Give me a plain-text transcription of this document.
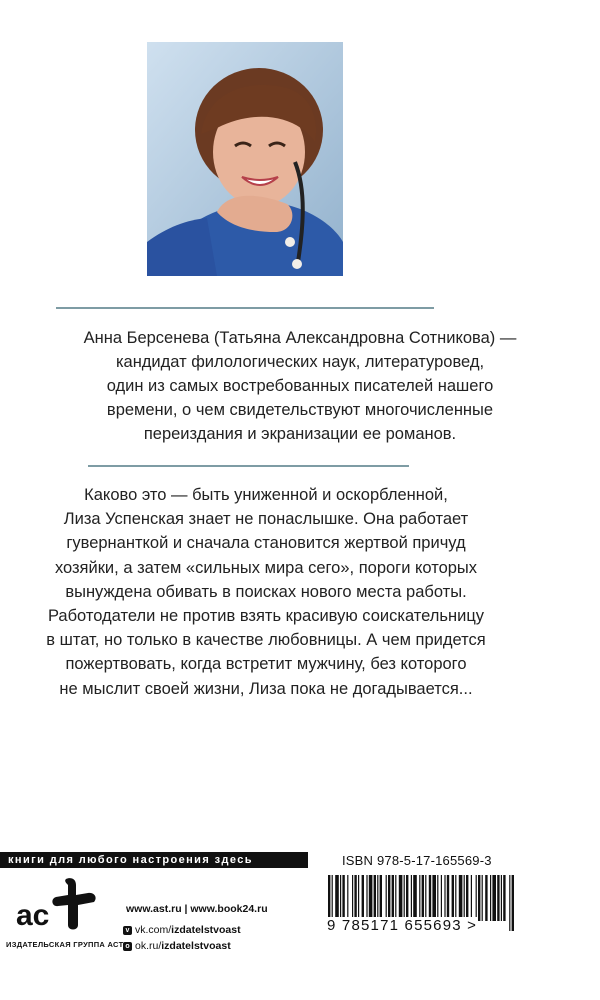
Анна Берсенева (Татьяна Александровна Сотникова) —
кандидат филологических наук, литературовед,
один из самых востребованных писателей нашего
времени, о чем свидетельствуют многочисленные
переиздания и экранизации ее романов.

Каково это — быть униженной и оскорбленной,
Лиза Успенская знает не понаслышке. Она работает
гувернанткой и сначала становится жертвой причуд
хозяйки, а затем «сильных мира сего», пороги которых
вынуждена обивать в поисках нового места работы.
Работодатели не против взять красивую соискательницу
в штат, но только в качестве любовницы. А чем придется
пожертвовать, когда встретит мужчину, без которого
не мыслит своей жизни, Лиза пока не догадывается...

книги для любого настроения здесь
ac
ИЗДАТЕЛЬСКАЯ ГРУППА АСТ
www.ast.ru | www.book24.ru
v vk.com/izdatelstvoast
o ok.ru/izdatelstvoast
ISBN 978-5-17-165569-3
9 785171 655693 >
